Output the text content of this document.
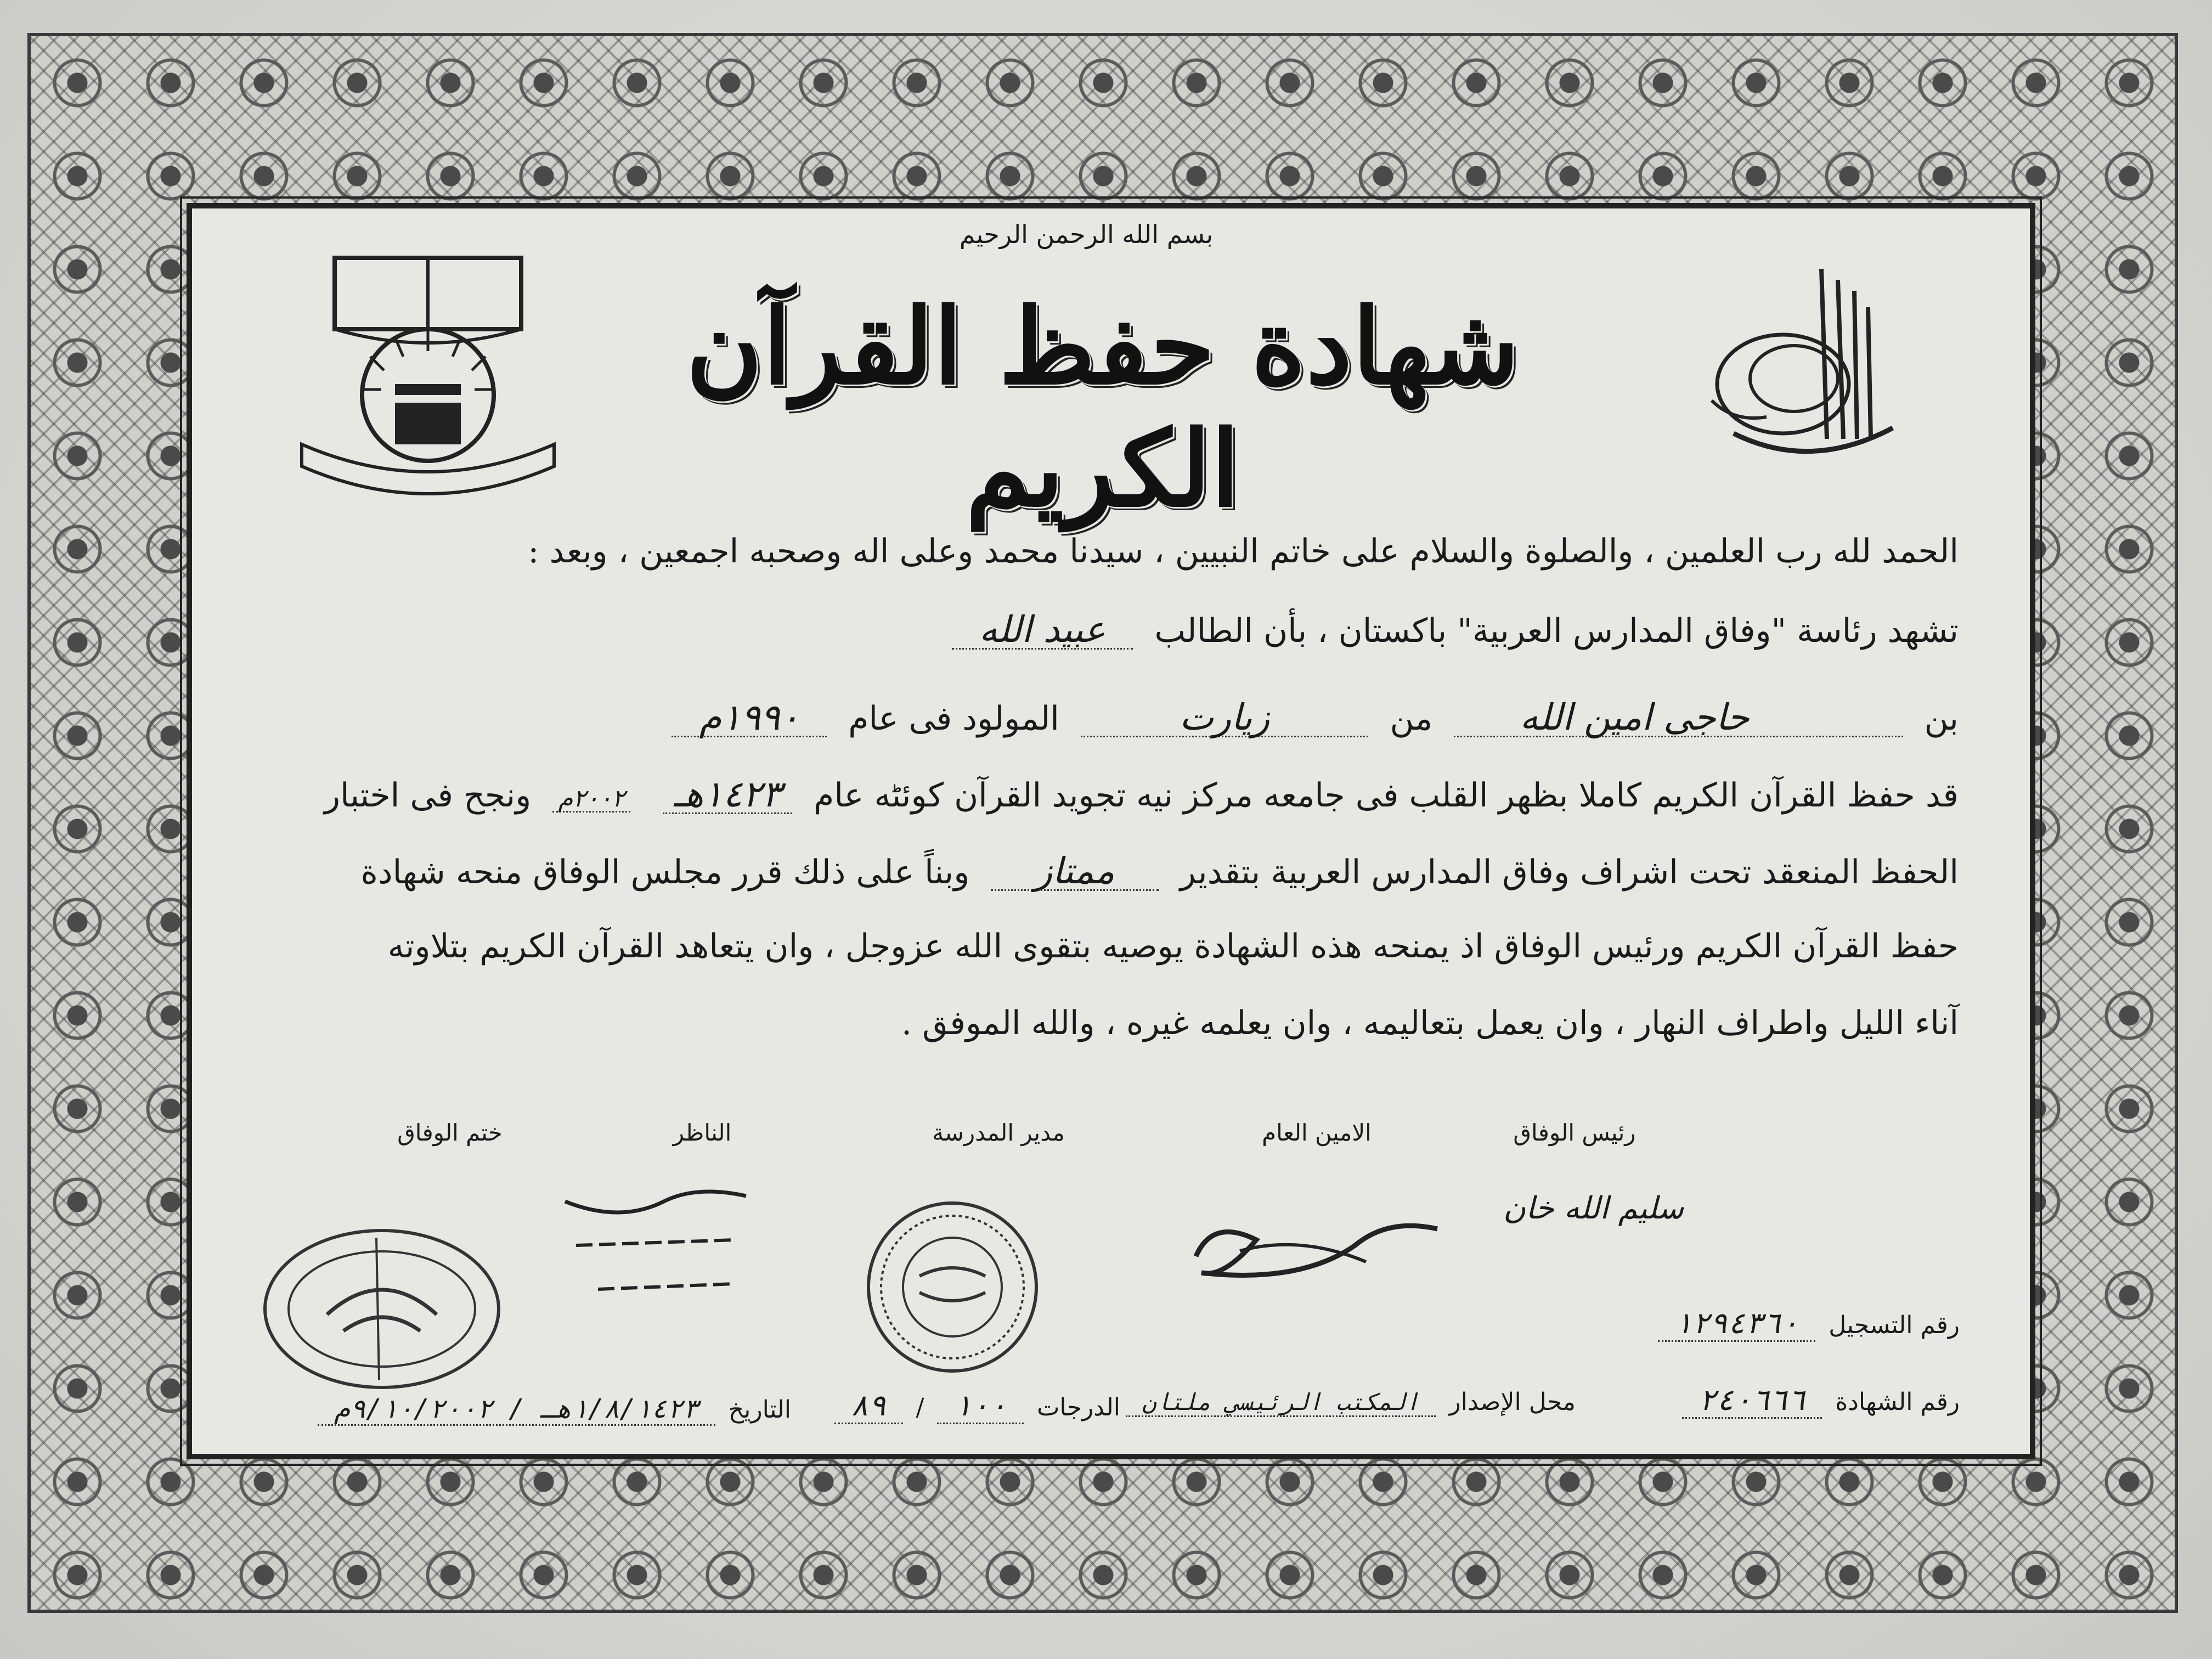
بسم الله الرحمن الرحيم
شهادة حفظ القرآن الكريم
الحمد لله رب العلمين ، والصلوة والسلام على خاتم النبيين ، سيدنا محمد وعلى اله وصحبه اجمعين ، وبعد :
تشهد رئاسة "وفاق المدارس العربية" باكستان ، بأن الطالب عبيد الله
بن حاجى امين الله من زيارت المولود فى عام ١٩٩٠م
قد حفظ القرآن الكريم كاملا بظهر القلب فى جامعه مركز نيه تجويد القرآن كوئٹه عام ١٤٢٣هـ ٢٠٠٢م ونجح فى اختبار
الحفظ المنعقد تحت اشراف وفاق المدارس العربية بتقدير ممتاز وبناً على ذلك قرر مجلس الوفاق منحه شهادة
حفظ القرآن الكريم ورئيس الوفاق اذ يمنحه هذه الشهادة يوصيه بتقوى الله عزوجل ، وان يتعاهد القرآن الكريم بتلاوته
آناء الليل واطراف النهار ، وان يعمل بتعاليمه ، وان يعلمه غيره ، والله الموفق .
رئيس الوفاق
الامين العام
مدير المدرسة
الناظر
ختم الوفاق
سليم الله خان
رقم التسجيل ١٢٩٤٣٦٠
رقم الشهادة ٢٤٠٦٦٦
محل الإصدار المكتب الرئيسي ملتان
الدرجات ١٠٠ / ٨٩
التاريخ ١/٨/١٤٢٣هـ / ٩/١٠/٢٠٠٢م
